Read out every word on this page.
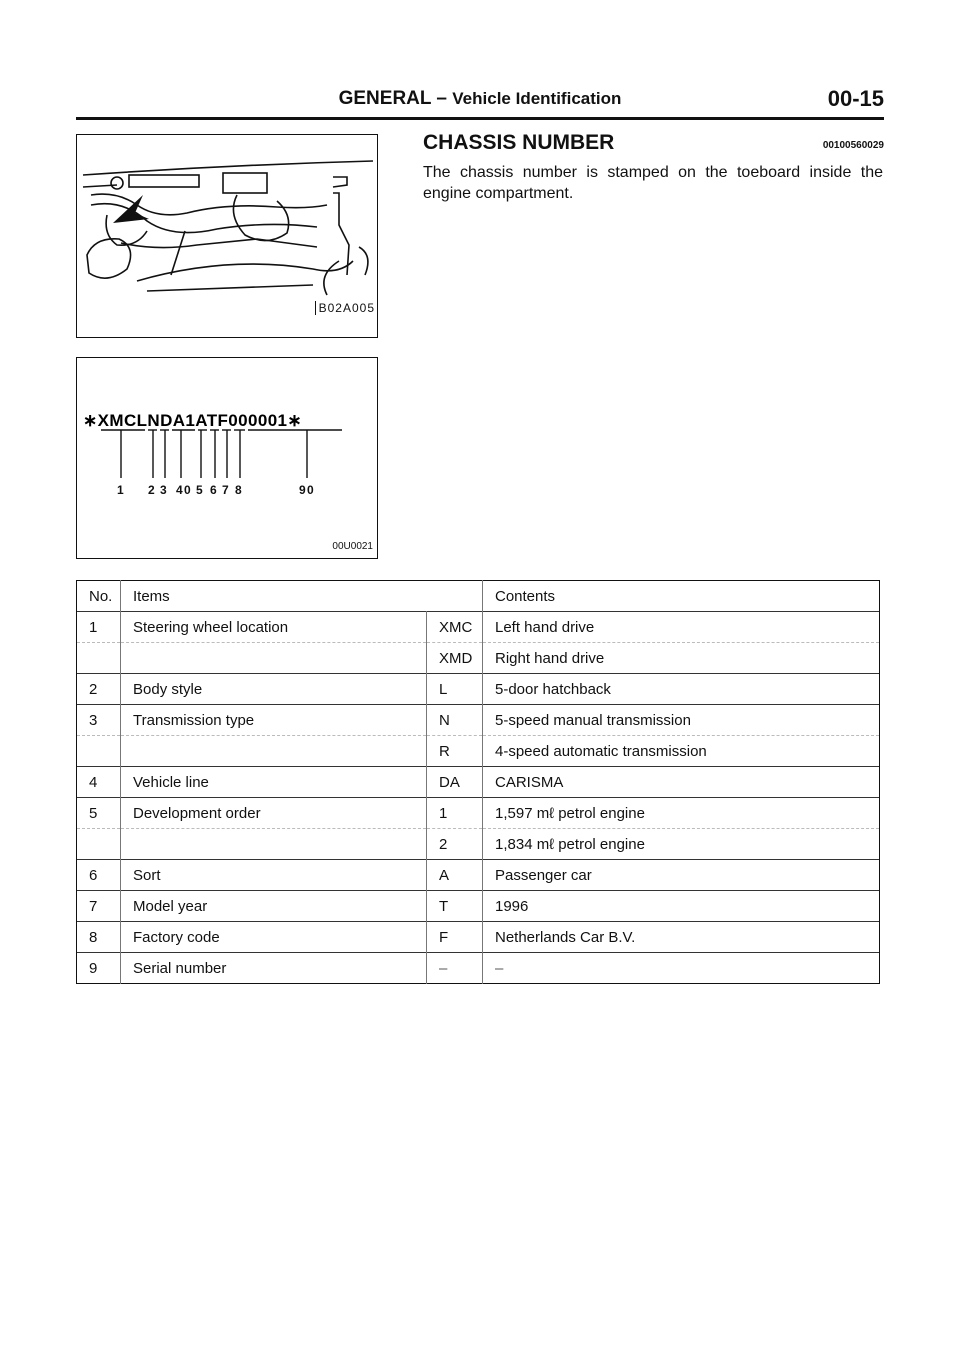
GENERAL – Vehicle Identification	00-15
B02A005
∗XMCLNDA1ATF000001∗
1 2 3 4 0 5 6 7 8	9 0
00U0021
CHASSIS NUMBER	00100560029
The chassis number is stamped on the toeboard inside the engine compartment.
No.	Items		Contents
1	Steering wheel location	XMC	Left hand drive
		XMD	Right hand drive
2	Body style	L	5-door hatchback
3	Transmission type	N	5-speed manual transmission
		R	4-speed automatic transmission
4	Vehicle line	DA	CARISMA
5	Development order	1	1,597 mℓ petrol engine
		2	1,834 mℓ petrol engine
6	Sort	A	Passenger car
7	Model year	T	1996
8	Factory code	F	Netherlands Car B.V.
9	Serial number	–	–
